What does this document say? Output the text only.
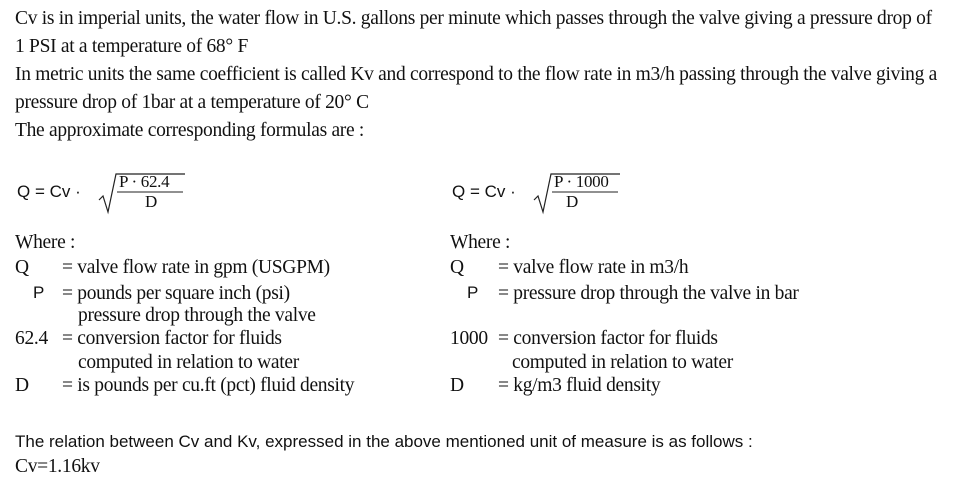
Cv is in imperial units, the water flow in U.S. gallons per minute which passes through the valve giving a pressure drop of
1 PSI at a temperature of 68° F
In metric units the same coefficient is called Kv and correspond to the flow rate in m3/h passing through the valve giving a
pressure drop of 1bar at a temperature of 20° C
The approximate corresponding formulas are :
Q = Cv ·
P · 62.4
D
Q = Cv ·
P · 1000
D
Where :
Q = valve flow rate in gpm (USGPM)
P = pounds per square inch (psi)
pressure drop through the valve
62.4 = conversion factor for fluids
computed in relation to water
D = is pounds per cu.ft (pct) fluid density
Where :
Q = valve flow rate in m3/h
P = pressure drop through the valve in bar
1000 = conversion factor for fluids
computed in relation to water
D = kg/m3 fluid density
The relation between Cv and Kv, expressed in the above mentioned unit of measure is as follows :
Cv=1.16kv
